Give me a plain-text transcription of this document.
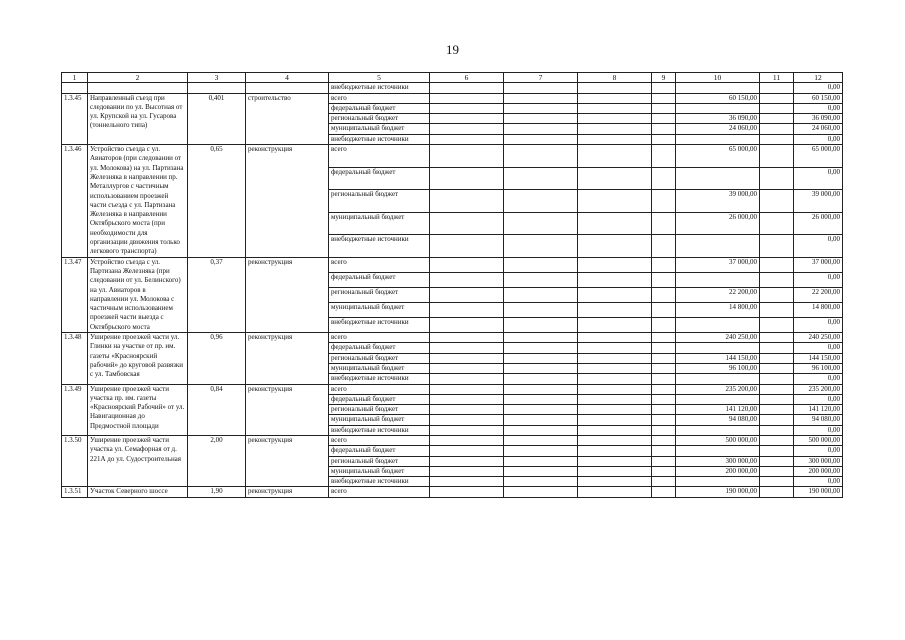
19
1	2	3	4	5	6	7	8	9	10	11	12
				внебюджетные источники							0,00
1.3.45	Направленный съезд при следовании по ул. Высотная от ул. Крупской на ул. Гусарова (тоннельного типа)	0,401	строительство	всего					60 150,00		60 150,00
				федеральный бюджет							0,00
				региональный бюджет					36 090,00		36 090,00
				муниципальный бюджет					24 060,00		24 060,00
				внебюджетные источники							0,00
1.3.46	Устройство съезда с ул. Авиаторов (при следовании от ул. Молокова) на ул. Партизана Железняка в направлении пр. Металлургов с частичным использованием проезжей части съезда с ул. Партизана Железняка в направлении Октябрьского моста (при необходимости для организации движения только легкового транспорта)	0,65	реконструкция	всего					65 000,00		65 000,00
				федеральный бюджет							0,00
				региональный бюджет					39 000,00		39 000,00
				муниципальный бюджет					26 000,00		26 000,00
				внебюджетные источники							0,00
1.3.47	Устройство съезда с ул. Партизана Железняка (при следовании от ул. Белинского) на ул. Авиаторов в направлении ул. Молокова с частичным использованием проезжей части выезда с Октябрьского моста	0,37	реконструкция	всего					37 000,00		37 000,00
				федеральный бюджет							0,00
				региональный бюджет					22 200,00		22 200,00
				муниципальный бюджет					14 800,00		14 800,00
				внебюджетные источники							0,00
1.3.48	Уширение проезжей части ул. Глинки на участке от пр. им. газеты «Красноярский рабочий» до круговой развязки с ул. Тамбовская	0,96	реконструкция	всего					240 250,00		240 250,00
				федеральный бюджет							0,00
				региональный бюджет					144 150,00		144 150,00
				муниципальный бюджет					96 100,00		96 100,00
				внебюджетные источники							0,00
1.3.49	Уширение проезжей части участка пр. им. газеты «Красноярский Рабочий» от ул. Навигационная до Предмостной площади	0,84	реконструкция	всего					235 200,00		235 200,00
				федеральный бюджет							0,00
				региональный бюджет					141 120,00		141 120,00
				муниципальный бюджет					94 080,00		94 080,00
				внебюджетные источники							0,00
1.3.50	Уширение проезжей части участка ул. Семафорная от д. 221А до ул. Судостроительная	2,00	реконструкция	всего					500 000,00		500 000,00
				федеральный бюджет							0,00
				региональный бюджет					300 000,00		300 000,00
				муниципальный бюджет					200 000,00		200 000,00
				внебюджетные источники							0,00
1.3.51	Участок Северного шоссе	1,90	реконструкция	всего					190 000,00		190 000,00
